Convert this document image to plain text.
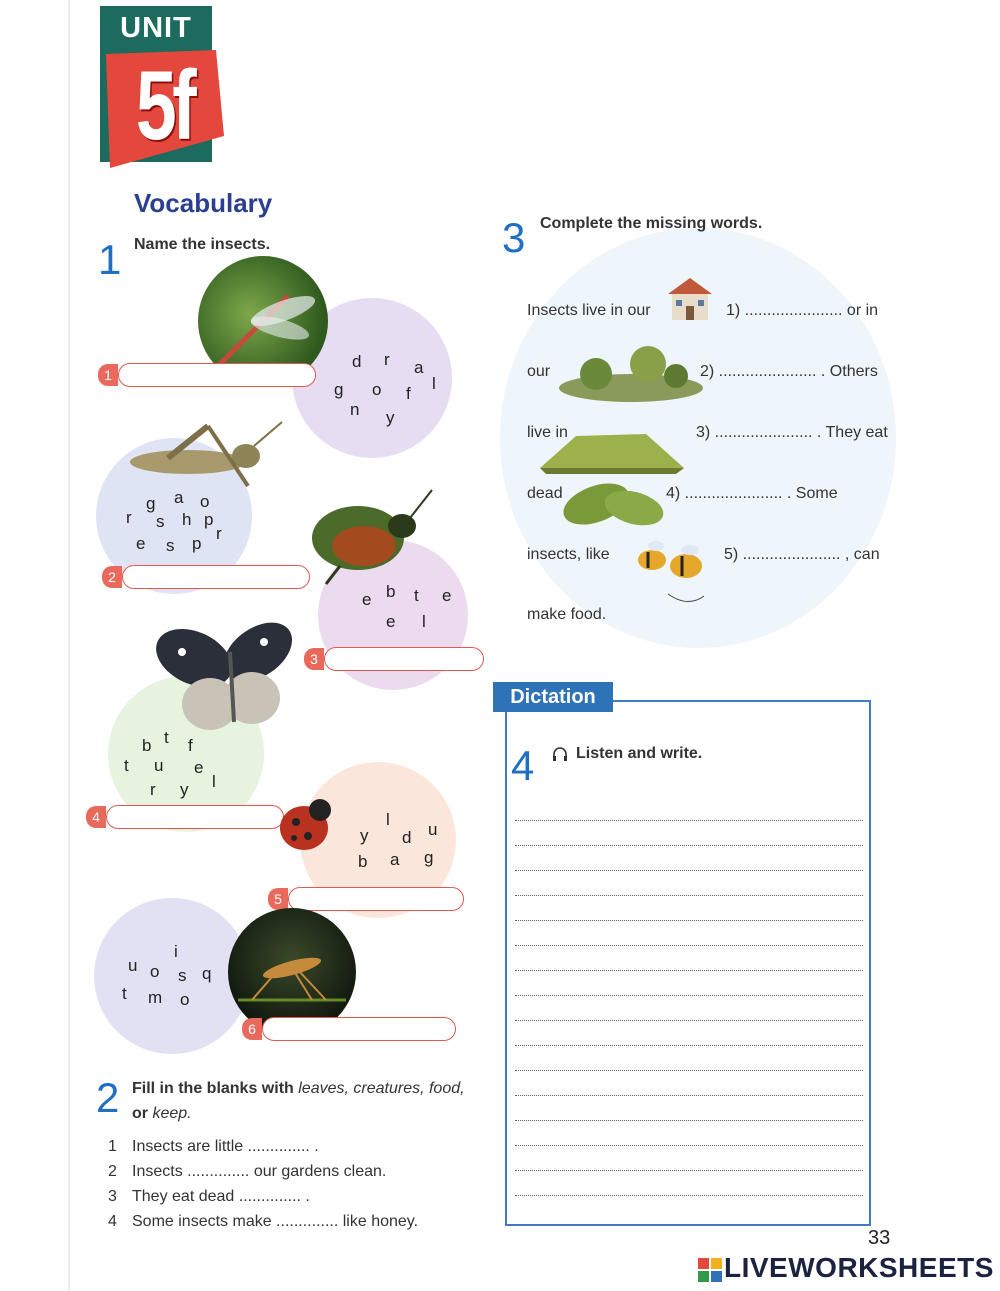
UNIT
5f
Vocabulary
1 Name the insects.
d r a
g o f
l
n y
1
g a o
r s h p
e s p
r
2
e b t e
e l
3
b t f
t u e
r y l
4
y
l
d u
b a g
5
i
u o s q
t m o
6
2 Fill in the blanks with leaves, creatures, food,
or keep.
1 Insects are little .............. .
2 Insects .............. our gardens clean.
3 They eat dead .............. .
4 Some insects make .............. like honey.
3 Complete the missing words.
Insects live in our	1) ...................... or in
our	2) ...................... . Others
live in	3) ...................... . They eat
dead	4) ...................... . Some
insects, like	5) ...................... , can
make food.
Dictation
4	Listen and write.
33
LIVEWORKSHEETS
